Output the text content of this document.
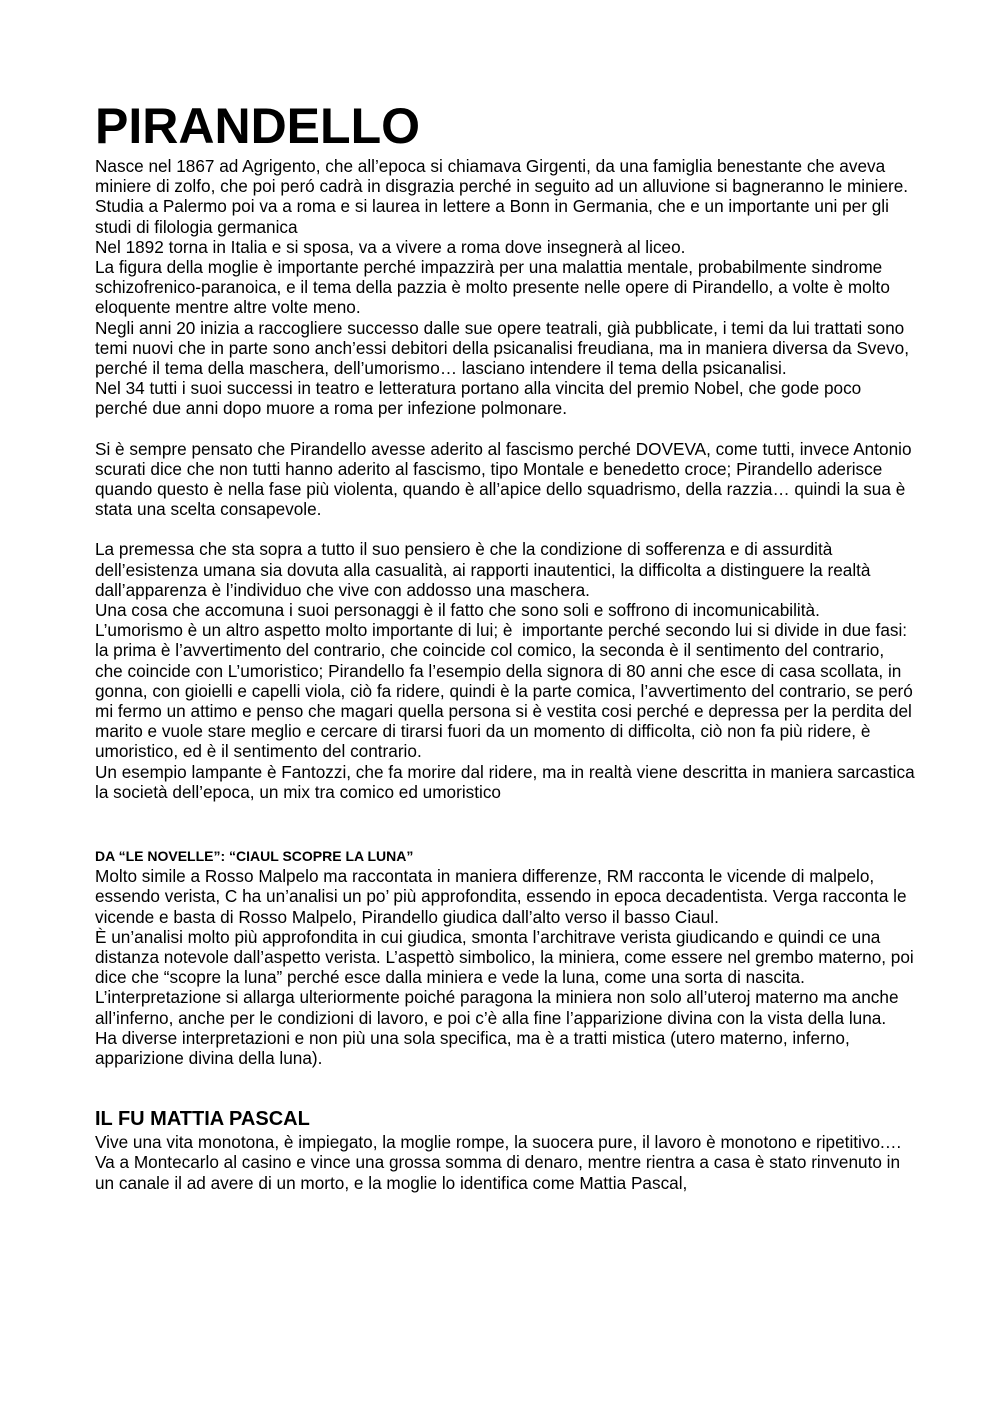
PIRANDELLO

Nasce nel 1867 ad Agrigento, che all’epoca si chiamava Girgenti, da una famiglia benestante che aveva miniere di zolfo, che poi peró cadrà in disgrazia perché in seguito ad un alluvione si bagneranno le miniere.

Studia a Palermo poi va a roma e si laurea in lettere a Bonn in Germania, che e un importante uni per gli studi di filologia germanica

Nel 1892 torna in Italia e si sposa, va a vivere a roma dove insegnerà al liceo.

La figura della moglie è importante perché impazzirà per una malattia mentale, probabilmente sindrome schizofrenico-paranoica, e il tema della pazzia è molto presente nelle opere di Pirandello, a volte è molto eloquente mentre altre volte meno.

Negli anni 20 inizia a raccogliere successo dalle sue opere teatrali, già pubblicate, i temi da lui trattati sono temi nuovi che in parte sono anch’essi debitori della psicanalisi freudiana, ma in maniera diversa da Svevo, perché il tema della maschera, dell’umorismo… lasciano intendere il tema della psicanalisi.

Nel 34 tutti i suoi successi in teatro e letteratura portano alla vincita del premio Nobel, che gode poco perché due anni dopo muore a roma per infezione polmonare.

Si è sempre pensato che Pirandello avesse aderito al fascismo perché DOVEVA, come tutti, invece Antonio scurati dice che non tutti hanno aderito al fascismo, tipo Montale e benedetto croce; Pirandello aderisce quando questo è nella fase più violenta, quando è all’apice dello squadrismo, della razzia… quindi la sua è stata una scelta consapevole.

La premessa che sta sopra a tutto il suo pensiero è che la condizione di sofferenza e di assurdità dell’esistenza umana sia dovuta alla casualità, ai rapporti inautentici, la difficolta a distinguere la realtà dall’apparenza è l’individuo che vive con addosso una maschera.

Una cosa che accomuna i suoi personaggi è il fatto che sono soli e soffrono di incomunicabilità.

L’umorismo è un altro aspetto molto importante di lui; è  importante perché secondo lui si divide in due fasi: la prima è l’avvertimento del contrario, che coincide col comico, la seconda è il sentimento del contrario, che coincide con L’umoristico; Pirandello fa l’esempio della signora di 80 anni che esce di casa scollata, in gonna, con gioielli e capelli viola, ciò fa ridere, quindi è la parte comica, l’avvertimento del contrario, se peró mi fermo un attimo e penso che magari quella persona si è vestita cosi perché e depressa per la perdita del marito e vuole stare meglio e cercare di tirarsi fuori da un momento di difficolta, ciò non fa più ridere, è umoristico, ed è il sentimento del contrario.

Un esempio lampante è Fantozzi, che fa morire dal ridere, ma in realtà viene descritta in maniera sarcastica la società dell’epoca, un mix tra comico ed umoristico

DA “LE NOVELLE”: “CIAUL SCOPRE LA LUNA”

Molto simile a Rosso Malpelo ma raccontata in maniera differenze, RM racconta le vicende di malpelo, essendo verista, C ha un’analisi un po’ più approfondita, essendo in epoca decadentista. Verga racconta le vicende e basta di Rosso Malpelo, Pirandello giudica dall’alto verso il basso Ciaul.

È un’analisi molto più approfondita in cui giudica, smonta l’architrave verista giudicando e quindi ce una distanza notevole dall’aspetto verista. L’aspettò simbolico, la miniera, come essere nel grembo materno, poi dice che “scopre la luna” perché esce dalla miniera e vede la luna, come una sorta di nascita.

L’interpretazione si allarga ulteriormente poiché paragona la miniera non solo all’uteroj materno ma anche all’inferno, anche per le condizioni di lavoro, e poi c’è alla fine l’apparizione divina con la vista della luna.

Ha diverse interpretazioni e non più una sola specifica, ma è a tratti mistica (utero materno, inferno, apparizione divina della luna).

IL FU MATTIA PASCAL

Vive una vita monotona, è impiegato, la moglie rompe, la suocera pure, il lavoro è monotono e ripetitivo.… Va a Montecarlo al casino e vince una grossa somma di denaro, mentre rientra a casa è stato rinvenuto in un canale il ad avere di un morto, e la moglie lo identifica come Mattia Pascal,
